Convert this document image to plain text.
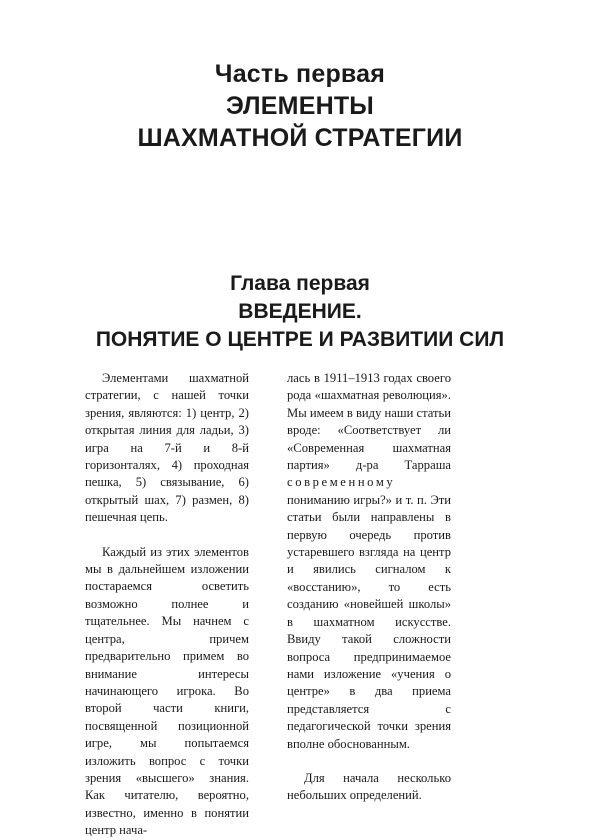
Часть первая
ЭЛЕМЕНТЫ
ШАХМАТНОЙ СТРАТЕГИИ
Глава первая
ВВЕДЕНИЕ.
ПОНЯТИЕ О ЦЕНТРЕ И РАЗВИТИИ СИЛ

Элементами шахматной стратегии, с нашей точки зрения, являются: 1) центр, 2) открытая линия для ладьи, 3) игра на 7-й и 8-й горизонталях, 4) проходная пешка, 5) связывание, 6) открытый шах, 7) размен, 8) пешечная цепь.

Каждый из этих элементов мы в дальнейшем изложении постараемся осветить возможно полнее и тщательнее. Мы начнем с центра, причем предварительно примем во внимание интересы начинающего игрока. Во второй части книги, посвященной позиционной игре, мы попытаемся изложить вопрос с точки зрения «высшего» знания. Как читателю, вероятно, известно, именно в понятии центр нача-

лась в 1911–1913 годах своего рода «шахматная революция». Мы имеем в виду наши статьи вроде: «Соответствует ли «Современная шахматная партия» д-ра Тарраша современному пониманию игры?» и т. п. Эти статьи были направлены в первую очередь против устаревшего взгляда на центр и явились сигналом к «восстанию», то есть созданию «новейшей школы» в шахматном искусстве. Ввиду такой сложности вопроса предпринимаемое нами изложение «учения о центре» в два приема представляется с педагогической точки зрения вполне обоснованным.

Для начала несколько небольших определений.
